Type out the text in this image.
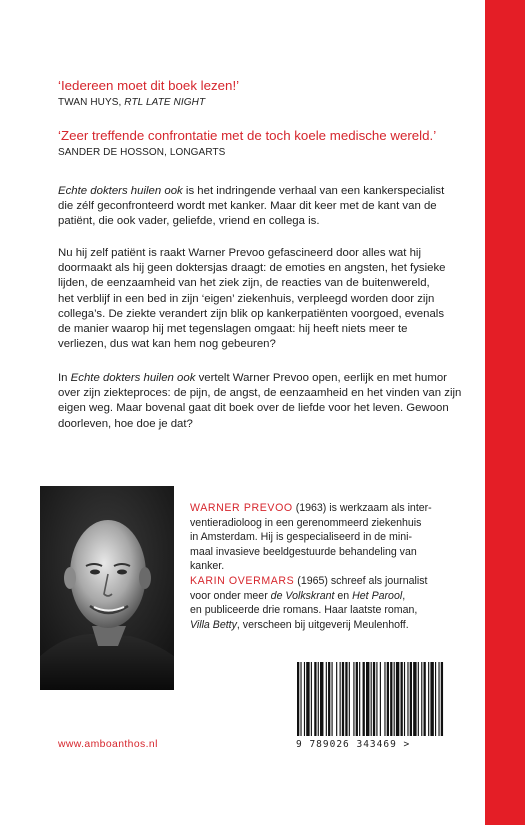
‘Iedereen moet dit boek lezen!’
TWAN HUYS, RTL LATE NIGHT
‘Zeer treffende confrontatie met de toch koele medische wereld.’
SANDER DE HOSSON, LONGARTS
Echte dokters huilen ook is het indringende verhaal van een kankerspecialist
die zélf geconfronteerd wordt met kanker. Maar dit keer met de kant van de
patiënt, die ook vader, geliefde, vriend en collega is.
Nu hij zelf patiënt is raakt Warner Prevoo gefascineerd door alles wat hij
doormaakt als hij geen doktersjas draagt: de emoties en angsten, het fysieke
lijden, de eenzaamheid van het ziek zijn, de reacties van de buitenwereld,
het verblijf in een bed in zijn ‘eigen’ ziekenhuis, verpleegd worden door zijn
collega’s. De ziekte verandert zijn blik op kankerpatiënten voorgoed, evenals
de manier waarop hij met tegenslagen omgaat: hij heeft niets meer te
verliezen, dus wat kan hem nog gebeuren?
In Echte dokters huilen ook vertelt Warner Prevoo open, eerlijk en met humor
over zijn ziekteproces: de pijn, de angst, de eenzaamheid en het vinden van zijn
eigen weg. Maar bovenal gaat dit boek over de liefde voor het leven. Gewoon
doorleven, hoe doe je dat?
WARNER PREVOO (1963) is werkzaam als inter-
ventieradioloog in een gerenommeerd ziekenhuis
in Amsterdam. Hij is gespecialiseerd in de mini-
maal invasieve beeldgestuurde behandeling van
kanker.
KARIN OVERMARS (1965) schreef als journalist
voor onder meer de Volkskrant en Het Parool,
en publiceerde drie romans. Haar laatste roman,
Villa Betty, verscheen bij uitgeverij Meulenhoff.
9 789026 343469 >
www.amboanthos.nl
